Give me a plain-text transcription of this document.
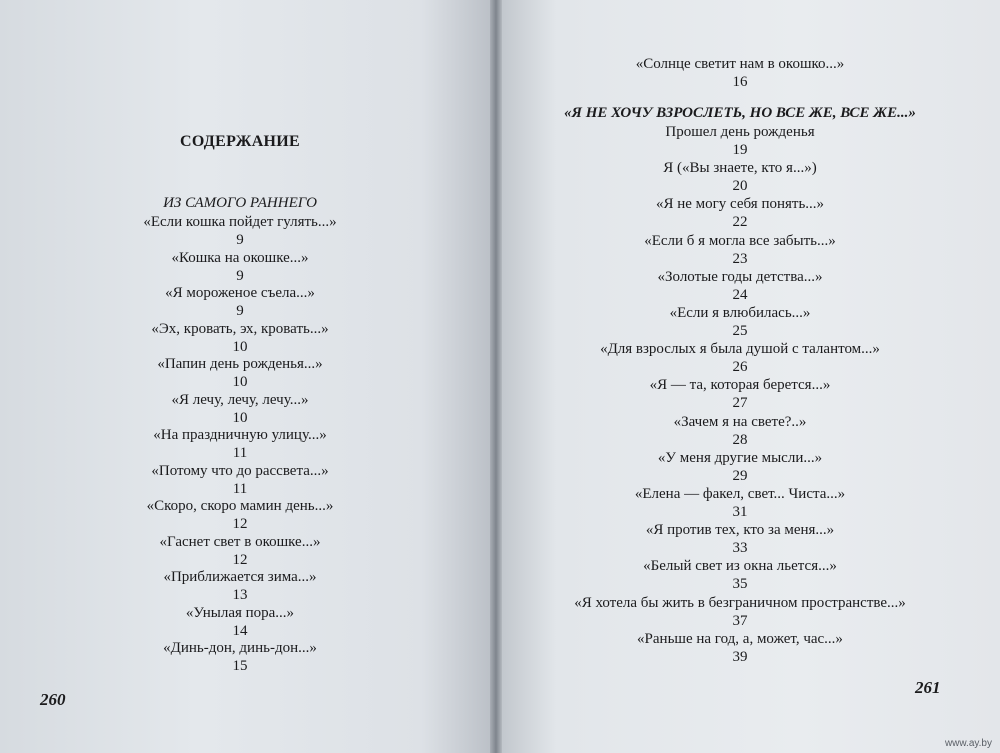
СОДЕРЖАНИЕ
ИЗ САМОГО РАННЕГО
«Если кошка пойдет гулять...»
9
«Кошка на окошке...»
9
«Я мороженое съела...»
9
«Эх, кровать, эх, кровать...»
10
«Папин день рожденья...»
10
«Я лечу, лечу, лечу...»
10
«На праздничную улицу...»
11
«Потому что до рассвета...»
11
«Скоро, скоро мамин день...»
12
«Гаснет свет в окошке...»
12
«Приближается зима...»
13
«Унылая пора...»
14
«Динь-дон, динь-дон...»
15
«Солнце светит нам в окошко...»
16
«Я НЕ ХОЧУ ВЗРОСЛЕТЬ, НО ВСЕ ЖЕ, ВСЕ ЖЕ...»
Прошел день рожденья
19
Я («Вы знаете, кто я...»)
20
«Я не могу себя понять...»
22
«Если б я могла все забыть...»
23
«Золотые годы детства...»
24
«Если я влюбилась...»
25
«Для взрослых я была душой с талантом...»
26
«Я — та, которая берется...»
27
«Зачем я на свете?..»
28
«У меня другие мысли...»
29
«Елена — факел, свет... Чиста...»
31
«Я против тех, кто за меня...»
33
«Белый свет из окна льется...»
35
«Я хотела бы жить в безграничном пространстве...»
37
«Раньше на год, а, может, час...»
39
260
261
www.ay.by
